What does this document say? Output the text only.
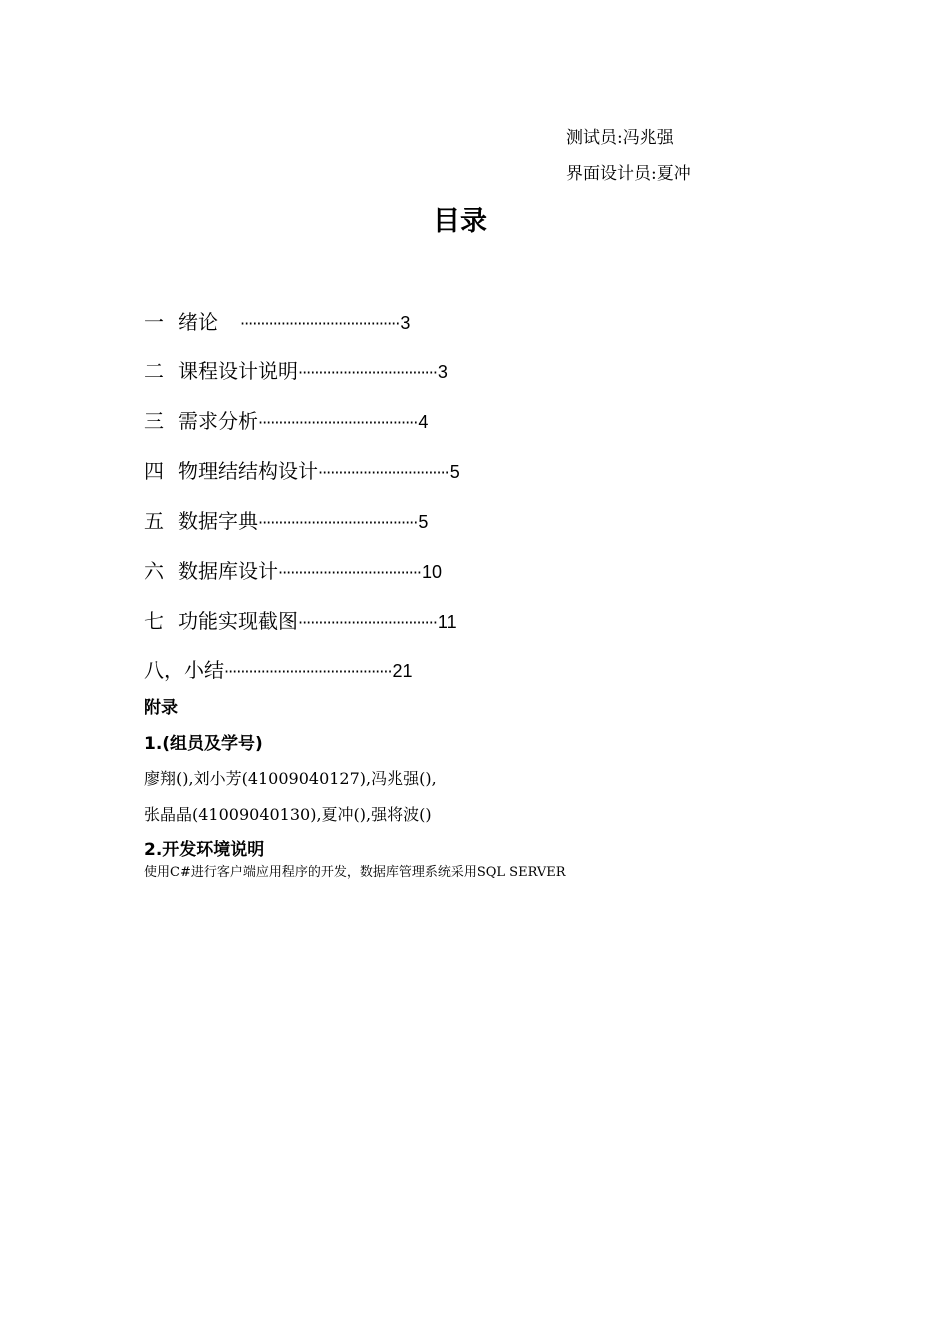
测试员:冯兆强
界面设计员:夏冲
目录
一 绪论 ······································· 3
二 课程设计说明 ·································· 3
三 需求分析 ······································· 4
四 物理结结构设计 ································ 5
五 数据字典 ······································· 5
六 数据库设计 ··································· 10
七 功能实现截图 ·································· 11
八， 小结 ········································· 21
附录
1.(组员及学号)
廖翔(),刘小芳(41009040127),冯兆强(),
张晶晶(41009040130),夏冲(),强将波()
2.开发环境说明
使用C#进行客户端应用程序的开发，数据库管理系统采用SQL SERVER
